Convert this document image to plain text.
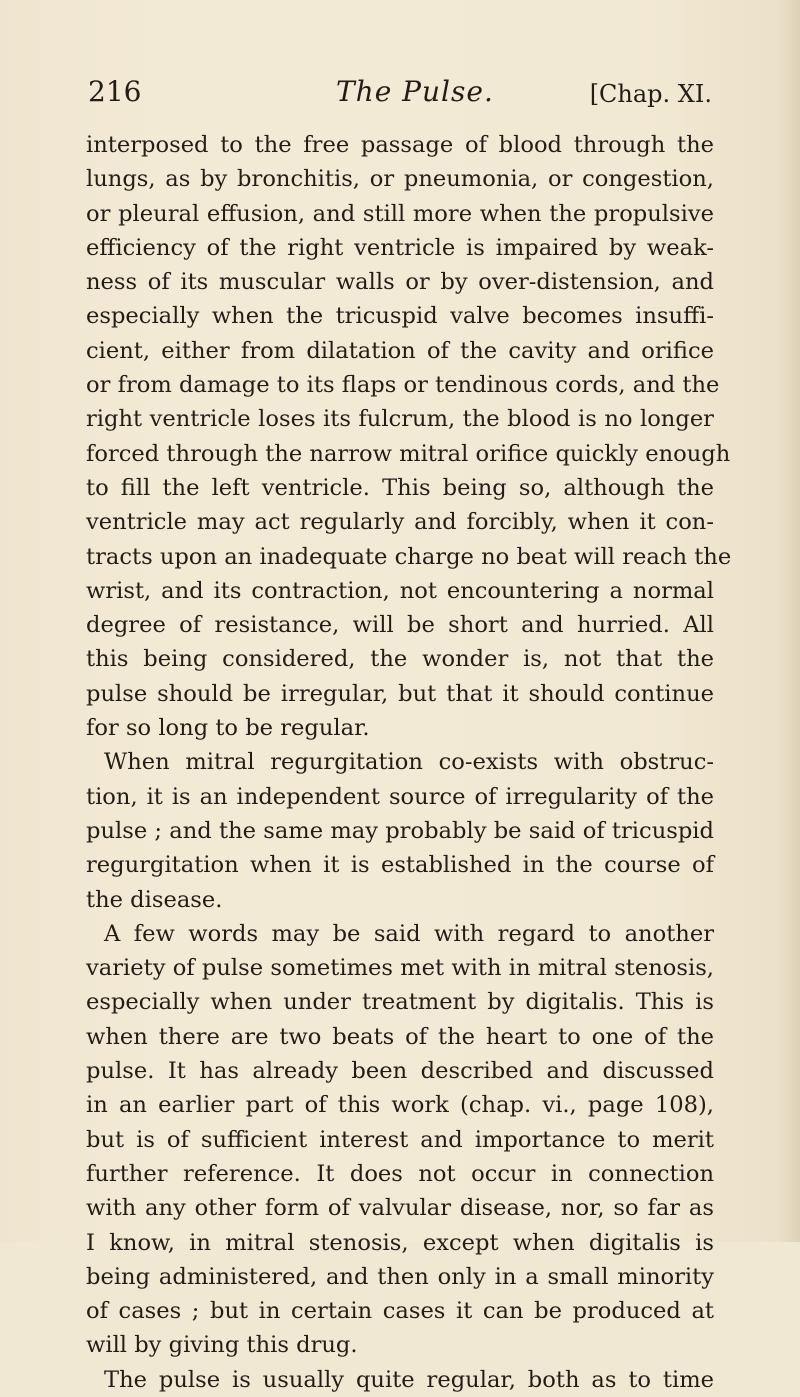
216	The Pulse.	[Chap. XI.
interposed to the free passage of blood through the
lungs, as by bronchitis, or pneumonia, or congestion,
or pleural effusion, and still more when the propulsive
efficiency of the right ventricle is impaired by weak-
ness of its muscular walls or by over-distension, and
especially when the tricuspid valve becomes insuffi-
cient, either from dilatation of the cavity and orifice
or from damage to its flaps or tendinous cords, and the
right ventricle loses its fulcrum, the blood is no longer
forced through the narrow mitral orifice quickly enough
to fill the left ventricle. This being so, although the
ventricle may act regularly and forcibly, when it con-
tracts upon an inadequate charge no beat will reach the
wrist, and its contraction, not encountering a normal
degree of resistance, will be short and hurried. All
this being considered, the wonder is, not that the
pulse should be irregular, but that it should continue
for so long to be regular.
When mitral regurgitation co-exists with obstruc-
tion, it is an independent source of irregularity of the
pulse ; and the same may probably be said of tricuspid
regurgitation when it is established in the course of
the disease.
A few words may be said with regard to another
variety of pulse sometimes met with in mitral stenosis,
especially when under treatment by digitalis. This is
when there are two beats of the heart to one of the
pulse. It has already been described and discussed
in an earlier part of this work (chap. vi., page 108),
but is of sufficient interest and importance to merit
further reference. It does not occur in connection
with any other form of valvular disease, nor, so far as
I know, in mitral stenosis, except when digitalis is
being administered, and then only in a small minority
of cases ; but in certain cases it can be produced at
will by giving this drug.
The pulse is usually quite regular, both as to time
